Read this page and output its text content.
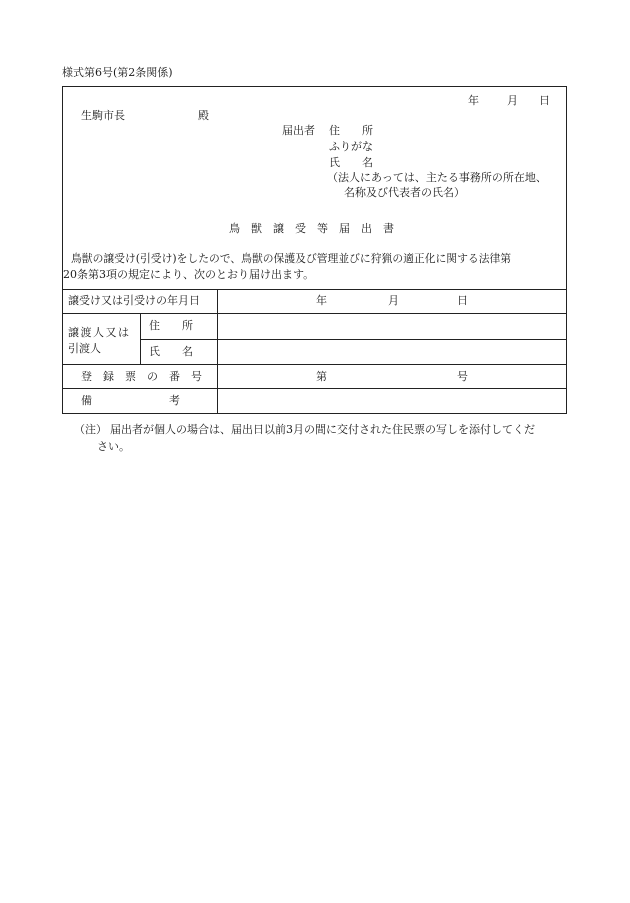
様式第6号(第2条関係)
年	月 日
生駒市長	殿
届出者 住　　所
ふりがな
氏　　名
（法人にあっては、主たる事務所の所在地、
名称及び代表者の氏名）
鳥　獣　譲　受　等　届　出　書
鳥獣の譲受け(引受け)をしたので、鳥獣の保護及び管理並びに狩猟の適正化に関する法律第
20条第3項の規定により、次のとおり届け出ます。
譲受け又は引受けの年月日	年	月	日
譲渡人又は
引渡人
住　　所
氏　　名
登　録　票　の　番　号	第	号
備　　　　　　　考
（注） 届出者が個人の場合は、届出日以前3月の間に交付された住民票の写しを添付してくだ
さい。
